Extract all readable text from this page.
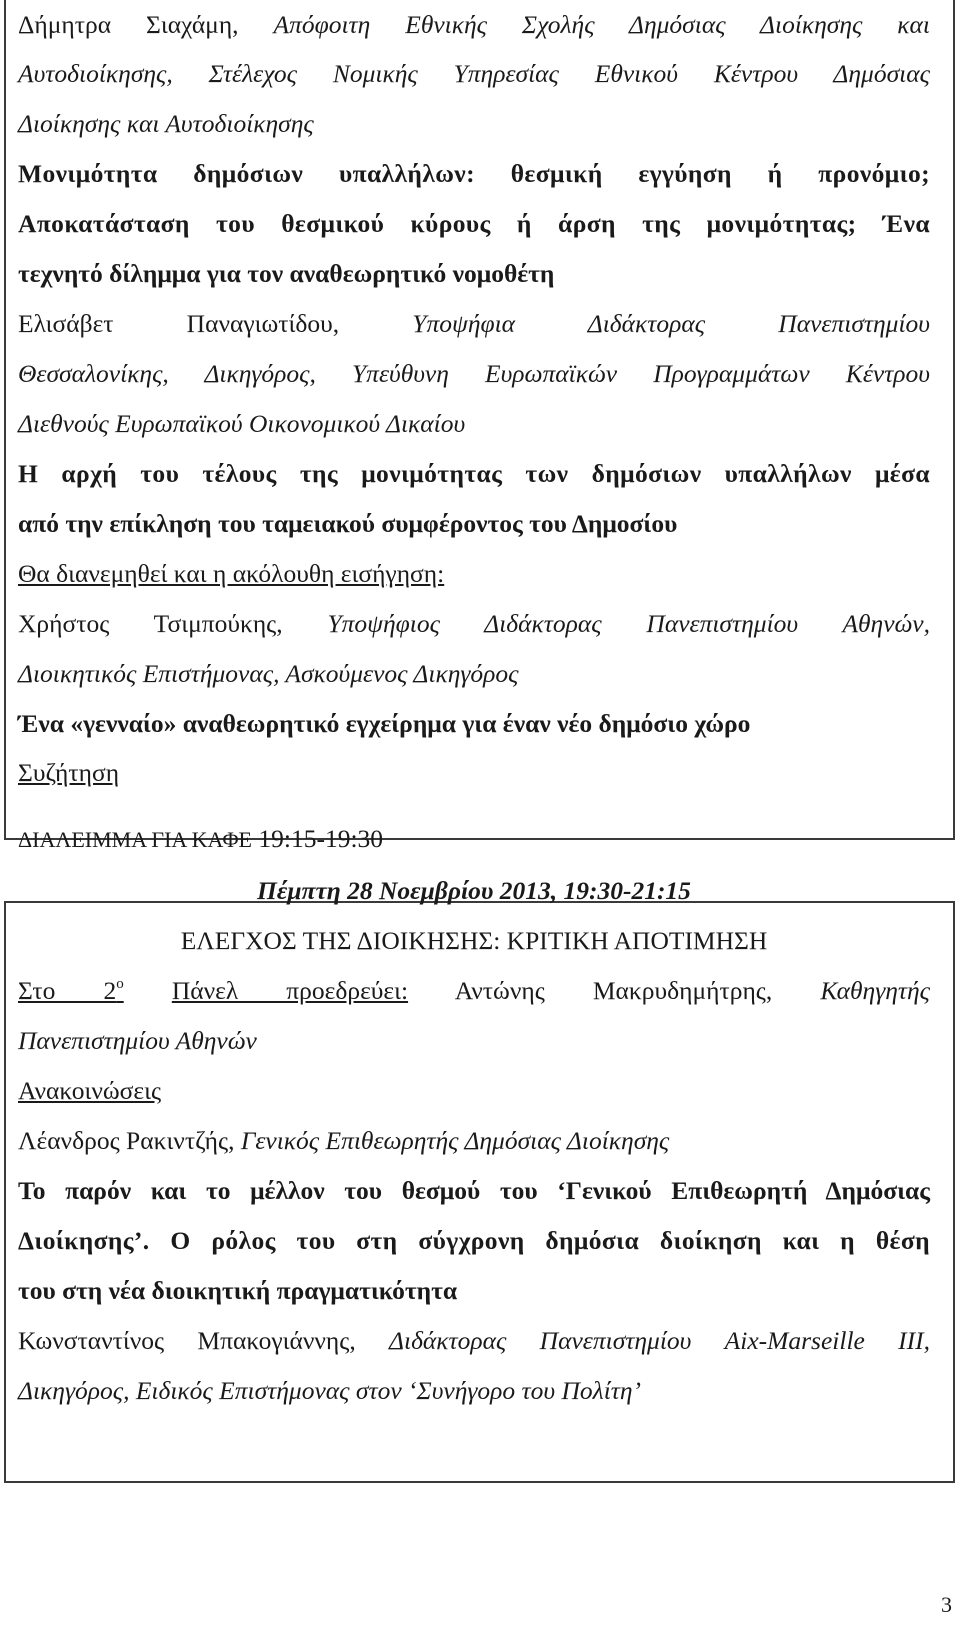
Δήμητρα Σιαχάμη, Απόφοιτη Εθνικής Σχολής Δημόσιας Διοίκησης και
Αυτοδιοίκησης, Στέλεχος Νομικής Υπηρεσίας Εθνικού Κέντρου Δημόσιας
Διοίκησης και Αυτοδιοίκησης
Μονιμότητα δημόσιων υπαλλήλων: θεσμική εγγύηση ή προνόμιο;
Αποκατάσταση του θεσμικού κύρους ή άρση της μονιμότητας; Ένα
τεχνητό δίλημμα για τον αναθεωρητικό νομοθέτη
Ελισάβετ Παναγιωτίδου,	Υποψήφια Διδάκτορας Πανεπιστημίου
Θεσσαλονίκης, Δικηγόρος, Υπεύθυνη Ευρωπαϊκών Προγραμμάτων Κέντρου
Διεθνούς Ευρωπαϊκού Οικονομικού Δικαίου
Η αρχή του τέλους της μονιμότητας των δημόσιων υπαλλήλων μέσα
από την επίκληση του ταμειακού συμφέροντος του Δημοσίου
Θα διανεμηθεί και η ακόλουθη εισήγηση:
Χρήστος Τσιμπούκης, Υποψήφιος Διδάκτορας Πανεπιστημίου Αθηνών,
Διοικητικός Επιστήμονας, Ασκούμενος Δικηγόρος
Ένα «γενναίο» αναθεωρητικό εγχείρημα για έναν νέο δημόσιο χώρο
Συζήτηση
ΔΙΑΛΕΙΜΜΑ ΓΙΑ ΚΑΦΕ 19:15-19:30
Πέμπτη 28 Νοεμβρίου 2013, 19:30-21:15
ΕΛΕΓΧΟΣ ΤΗΣ ΔΙΟΙΚΗΣΗΣ: ΚΡΙΤΙΚΗ ΑΠΟΤΙΜΗΣΗ
Στο $2^o$ Πάνελ προεδρεύει: Αντώνης Μακρυδημήτρης, Καθηγητής
Πανεπιστημίου Αθηνών
Ανακοινώσεις
Λέανδρος Ρακιντζής, Γενικός Επιθεωρητής Δημόσιας Διοίκησης
Το παρόν και το μέλλον του θεσμού του ‘Γενικού Επιθεωρητή Δημόσιας
Διοίκησης’. Ο ρόλος του στη σύγχρονη δημόσια διοίκηση και η θέση
του στη νέα διοικητική πραγματικότητα
Κωνσταντίνος Μπακογιάννης, Διδάκτορας Πανεπιστημίου Aix-Marseille III,
Δικηγόρος, Ειδικός Επιστήμονας στον ‘Συνήγορο του Πολίτη’
3
